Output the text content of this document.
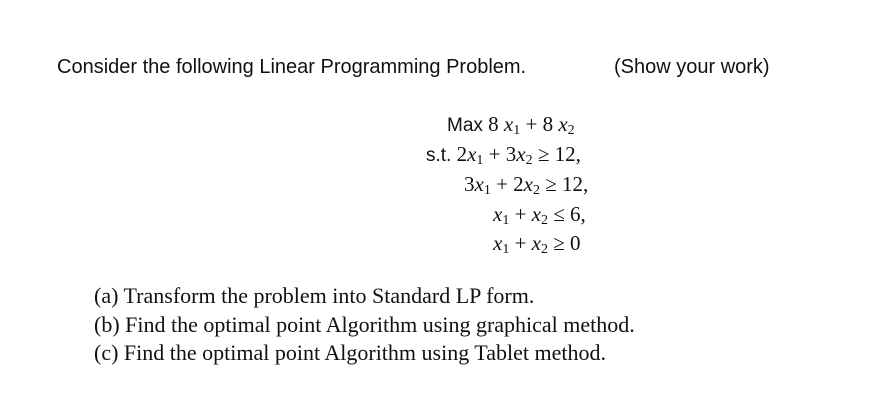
Consider the following Linear Programming Problem.	(Show your work)
Max 8 x1 + 8 x2
s.t. 2x1 + 3x2 ≥ 12,
3x1 + 2x2 ≥ 12,
x1 + x2 ≤ 6,
x1 + x2 ≥ 0
(a) Transform the problem into Standard LP form.
(b) Find the optimal point Algorithm using graphical method.
(c) Find the optimal point Algorithm using Tablet method.
